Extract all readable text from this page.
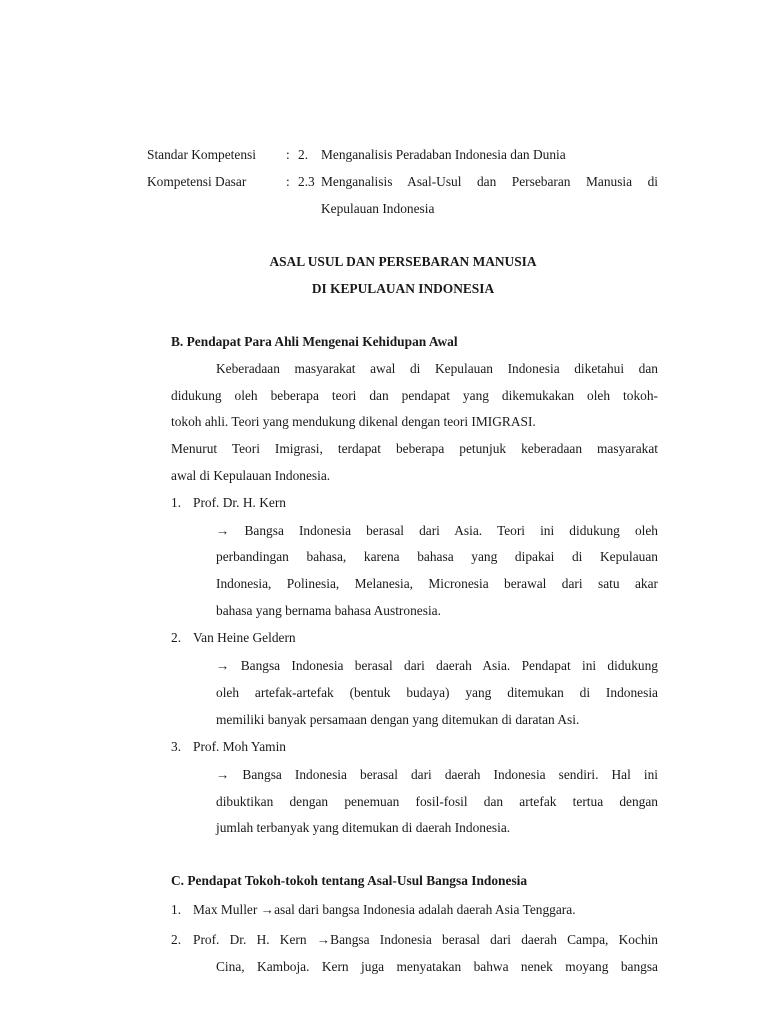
Standar Kompetensi : 2. Menganalisis Peradaban Indonesia dan Dunia
Kompetensi Dasar	: 2.3 Menganalisis Asal-Usul dan Persebaran Manusia di
Kepulauan Indonesia
ASAL USUL DAN PERSEBARAN MANUSIA
DI KEPULAUAN INDONESIA
B. Pendapat Para Ahli Mengenai Kehidupan Awal
Keberadaan masyarakat awal di Kepulauan Indonesia diketahui dan
didukung oleh beberapa teori dan pendapat yang dikemukakan oleh tokoh-
tokoh ahli. Teori yang mendukung dikenal dengan teori IMIGRASI.
Menurut Teori Imigrasi, terdapat beberapa petunjuk keberadaan masyarakat
awal di Kepulauan Indonesia.
1. Prof. Dr. H. Kern
→ Bangsa Indonesia berasal dari Asia. Teori ini didukung oleh
perbandingan bahasa, karena bahasa yang dipakai di Kepulauan
Indonesia, Polinesia, Melanesia, Micronesia berawal dari satu akar
bahasa yang bernama bahasa Austronesia.
2. Van Heine Geldern
→ Bangsa Indonesia berasal dari daerah Asia. Pendapat ini didukung
oleh artefak-artefak (bentuk budaya) yang ditemukan di Indonesia
memiliki banyak persamaan dengan yang ditemukan di daratan Asi.
3. Prof. Moh Yamin
→ Bangsa Indonesia berasal dari daerah Indonesia sendiri. Hal ini
dibuktikan dengan penemuan fosil-fosil dan artefak tertua dengan
jumlah terbanyak yang ditemukan di daerah Indonesia.
C. Pendapat Tokoh-tokoh tentang Asal-Usul Bangsa Indonesia
1. Max Muller →asal dari bangsa Indonesia adalah daerah Asia Tenggara.
2. Prof. Dr. H. Kern →Bangsa Indonesia berasal dari daerah Campa, Kochin
Cina, Kamboja. Kern juga menyatakan bahwa nenek moyang bangsa
